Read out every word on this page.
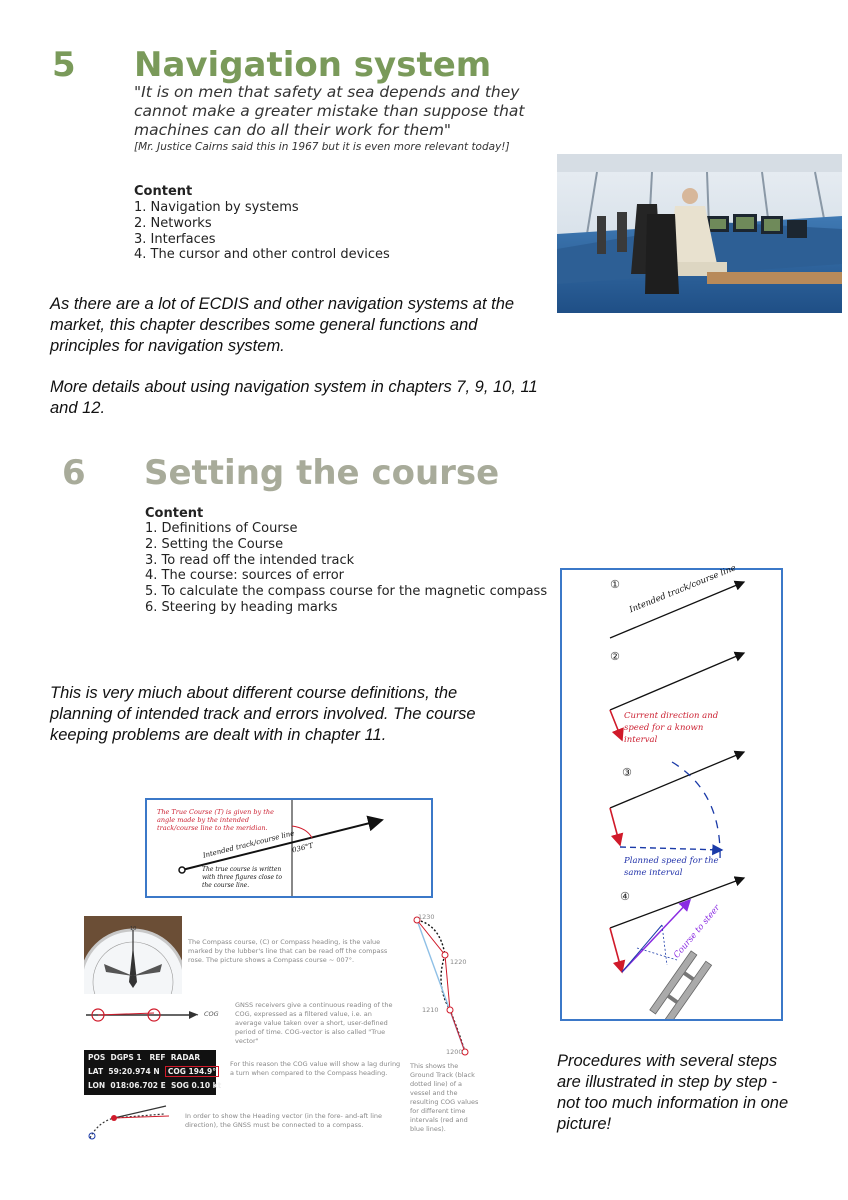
5 Navigation system
"It is on men that safety at sea depends and they cannot make a greater mistake than suppose that machines can do all their work for them"
[Mr. Justice Cairns said this in 1967 but it is even more relevant today!]
Content
1. Navigation by systems
2. Networks
3. Interfaces
4. The cursor and other control devices
As there are a lot of ECDIS and other navigation systems at the market, this chapter describes some general functions and principles for navigation system.
More details about using navigation system in chapters 7, 9, 10, 11 and 12.
6 Setting the course
Content
1. Definitions of Course
2. Setting the Course
3. To read off the intended track
4. The course: sources of error
5. To calculate the compass course for the magnetic compass
6. Steering by heading marks
This is very miuch about different course definitions, the planning of intended track and errors involved. The course keeping problems are dealt with in chapter 11.
①
②
③
④
Intended track/course line
Current direction and speed for a known interval
Planned speed for the same interval
Course to steer
Procedures with several steps are illustrated in step by step - not too much information in one picture!
The True Course (T) is given by the angle made by the intended track/course line to the meridian.
Intended track/course line
036°T
The true course is written with three figures close to the course line.
10
The Compass course, (C) or Compass heading, is the value marked by the lubber's line that can be read off the compass rose. The picture shows a Compass course ~ 007°.
COG
GNSS receivers give a continuous reading of the COG, expressed as a filtered value, i.e. an average value taken over a short, user-defined period of time. COG-vector is also called "True vector"
POS DGPS 1 REF RADAR
LAT 59:20.974 N COG 194.9°
LON 018:06.702 E SOG 0.10 kt
For this reason the COG value will show a lag during a turn when compared to the Compass heading.
In order to show the Heading vector (in the fore- and-aft line direction), the GNSS must be connected to a compass.
1230
1220
1210
1200
This shows the Ground Track (black dotted line) of a vessel and the resulting COG values for different time intervals (red and blue lines).
